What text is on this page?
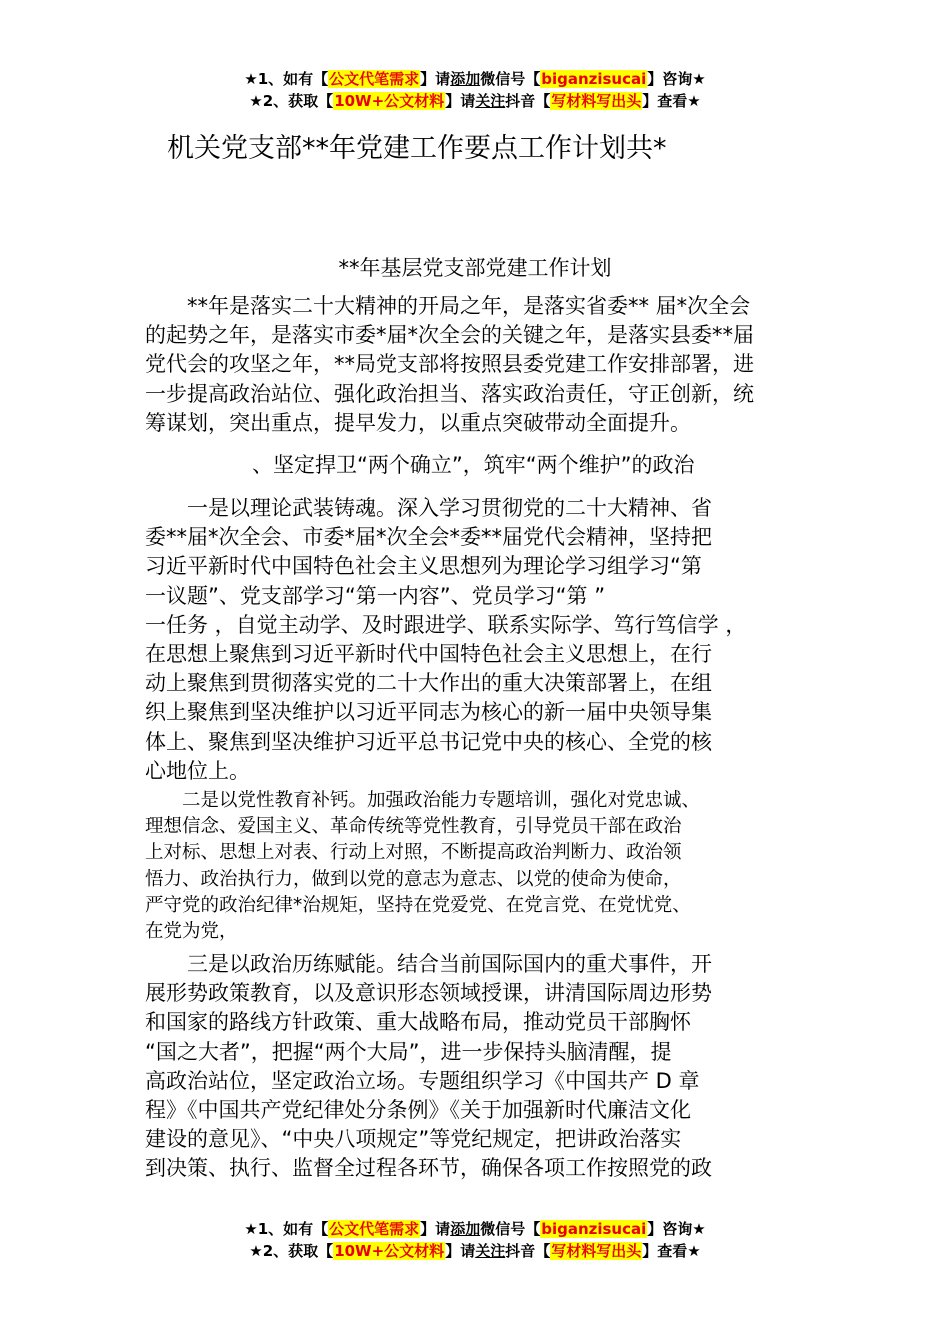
★1、如有【公文代笔需求】请添加微信号【biganzisucai】咨询★
★2、获取【10W+公文材料】请关注抖音【写材料写出头】查看★
机关党支部**年党建工作要点工作计划共*
**年基层党支部党建工作计划
　　**年是落实二十大精神的开局之年，是落实省委** 届*次全会
的起势之年，是落实市委*届*次全会的关键之年，是落实县委**届
党代会的攻坚之年，**局党支部将按照县委党建工作安排部署，进
一步提高政治站位、强化政治担当、落实政治责任，守正创新，统
筹谋划，突出重点，提早发力，以重点突破带动全面提升。
、坚定捍卫“两个确立”，筑牢“两个维护”的政治
　　一是以理论武装铸魂。深入学习贯彻党的二十大精神、省
委**届*次全会、市委*届*次全会*委**届党代会精神，坚持把
习近平新时代中国特色社会主义思想列为理论学习组学习“第
一议题”、党支部学习“第一内容”、党员学习“第 ”
一任务 ，自觉主动学、及时跟进学、联系实际学、笃行笃信学 ，
在思想上聚焦到习近平新时代中国特色社会主义思想上，在行
动上聚焦到贯彻落实党的二十大作出的重大决策部署上，在组
织上聚焦到坚决维护以习近平同志为核心的新一届中央领导集
体上、聚焦到坚决维护习近平总书记党中央的核心、全党的核
心地位上。
　　二是以党性教育补钙。加强政治能力专题培训，强化对党忠诚、
理想信念、爱国主义、革命传统等党性教育，引导党员干部在政治
上对标、思想上对表、行动上对照，不断提高政治判断力、政治领
悟力、政治执行力，做到以党的意志为意志、以党的使命为使命，
严守党的政治纪律*治规矩，坚持在党爱党、在党言党、在党忧党、
在党为党，
　　三是以政治历练赋能。结合当前国际国内的重犬事件，开
展形势政策教育，以及意识形态领域授课，讲清国际周边形势
和国家的路线方针政策、重大战略布局，推动党员干部胸怀
“国之大者”，把握“两个大局”，进一步保持头脑清醒，提
高政治站位，坚定政治立场。专题组织学习《中国共产 D 章
程》《中国共产党纪律处分条例》《关于加强新时代廉洁文化
建设的意见》、“中央八项规定”等党纪规定，把讲政治落实
到决策、执行、监督全过程各环节，确保各项工作按照党的政
★1、如有【公文代笔需求】请添加微信号【biganzisucai】咨询★
★2、获取【10W+公文材料】请关注抖音【写材料写出头】查看★
